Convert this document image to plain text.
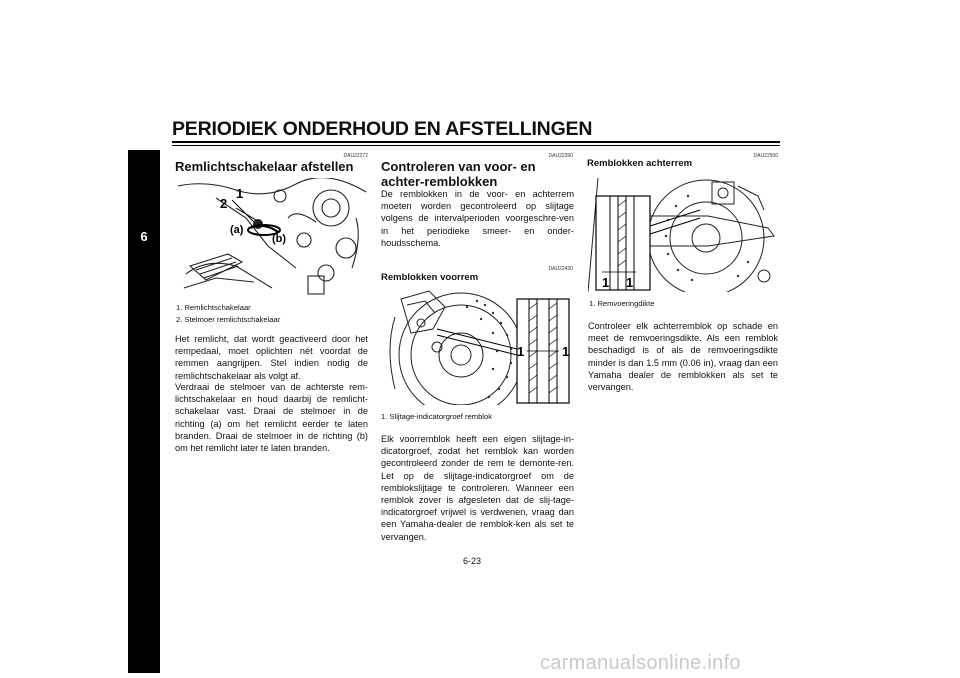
PERIODIEK ONDERHOUD EN AFSTELLINGEN
6
DAU22272
Remlichtschakelaar afstellen
2
1
(a)
(b)
1. Remlichtschakelaar
2. Stelmoer remlichtschakelaar
Het remlicht, dat wordt geactiveerd door het rempedaal, moet oplichten nét voordat de remmen aangrijpen. Stel indien nodig de remlichtschakelaar als volgt af.
Verdraai de stelmoer van de achterste rem-lichtschakelaar en houd daarbij de remlicht-schakelaar vast. Draai de stelmoer in de richting (a) om het remlicht eerder te laten branden. Draai de stelmoer in de richting (b) om het remlicht later te laten branden.
DAU22390
Controleren van voor- en achter-remblokken
De remblokken in de voor- en achterrem moeten worden gecontroleerd op slijtage volgens de intervalperioden voorgeschre-ven in het periodieke smeer- en onder-houdsschema.
DAU22420
Remblokken voorrem
1	1
1. Slijtage-indicatorgroef remblok
Elk voorremblok heeft een eigen slijtage-in-dicatorgroef, zodat het remblok kan worden gecontroleerd zonder de rem te demonte-ren. Let op de slijtage-indicatorgroef om de remblokslijtage te controleren. Wanneer een remblok zover is afgesleten dat de slij-tage-indicatorgroef vrijwel is verdwenen, vraag dan een Yamaha-dealer de remblok-ken als set te vervangen.
DAU22500
Remblokken achterrem
1 1
1. Remvoeringdikte
Controleer elk achterremblok op schade en meet de remvoeringsdikte. Als een remblok beschadigd is of als de remvoeringsdikte minder is dan 1.5 mm (0.06 in), vraag dan een Yamaha dealer de remblokken als set te vervangen.
6-23
carmanualsonline.info
